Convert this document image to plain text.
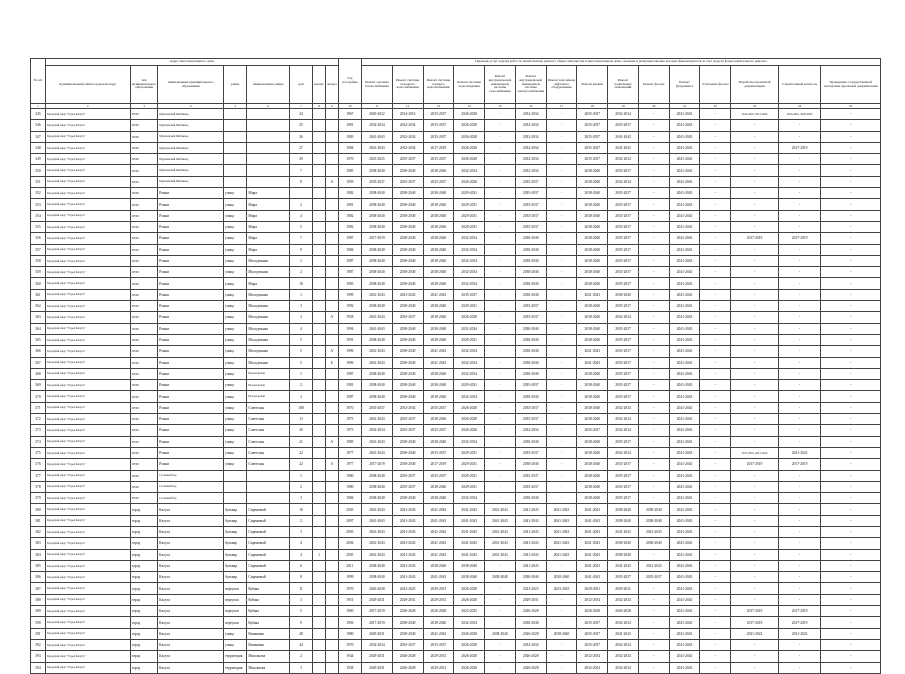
№ п/п	Адрес многоквартирного дома								Год постройки	Перечень услуг и (или) работ по капитальному ремонту общего имущества в многоквартирном доме, оказание и (или) выполнение которых финансируются за счет средств фонда капитального ремонта														
	муниципальный район/городской округ	тип муниципального образования	наименование муниципального образования	улица	наименование улицы	дом	корпус	литера		Ремонт системы теплоснабжения	Ремонт системы холодного водоснабжения	Ремонт системы горячего водоснабжения	Ремонт системы водоотведения	Ремонт внутридомовой инженерной системы газоснабжения	Ремонт внутридомовой инженерной системы электроснабжения	Ремонт или замена лифтового оборудования	Ремонт крыши	Ремонт подвальных помещений	Ремонт фасада	Ремонт фундамента	Утепление фасада	Разработка проектной документации	Строительный контроль	Проведение государственной экспертизы проектной документации
1	2	3	4	5	6	7	8	9	10	11	12	13	14	15	16	17	18	19	20	21	22	23	24	25
345	Городской округ "Город Калуга"	село	Мурачевский Шеблинод			24			1967	2020-2022	2014-2016	2035-2037	2026-2028	-	2032-2034	-	2035-2037	2032-2034	-	2041-2043	-	2014-2016, 2021-2022	2014-2016, 2020-2022	-
346	Городской округ "Город Калуга"	село	Мурачевский Шеблинод			25			1981	2032-2034	2032-2034	2035-2037	2026-2028	-	2032-2034	-	2035-2037	2035-2037	-	2041-2043	-	-	-	-
347	Городской округ "Город Калуга"	село	Мурачевский Шеблинод			26			1983	2041-2043	2032-2034	2035-2037	2026-2028	-	2032-2034	-	2035-2037	2041-2043	-	2041-2043	-	-	-	-
348	Городской округ "Город Калуга"	село	Мурачевский Шеблинод			27			1984	2041-2043	2032-2034	2017-2019	2026-2028	-	2032-2034	-	2035-2037	2041-2043	-	2041-2043	-	-	2017-2019	-
349	Городской округ "Город Калуга"	село	Мурачевский Шеблинод			29			1970	2023-2025	2035-2037	2035-2037	2026-2028	-	2032-2034	-	2035-2037	2032-2034	-	2041-2043	-	-	-	-
350	Городской округ "Город Калуга"	село	Мурачевский Шеблинод			7			1985	2038-2040	2038-2040	2038-2040	2032-2034	-	2032-2034	-	2038-2040	2035-2037	-	2041-2043	-	-	-	-
351	Городской округ "Город Калуга"	село	Мурачевский Шеблинод			8		А	1959	2035-2037	2035-2037	2035-2037	2026-2028	-	2035-2037	-	2038-2040	2032-2034	-	2041-2043	-	-	-	-
352	Городской округ "Город Калуга"	село	Рожки	улица	Мира				1982	2038-2040	2038-2040	2038-2040	2029-2031	-	2035-2037	-	2038-2040	2035-2037	-	2041-2043	-	-	-	-
353	Городской округ "Город Калуга"	село	Рожки	улица	Мира	2			1981	2038-2040	2038-2040	2038-2040	2029-2031	-	2035-2037	-	2038-2040	2035-2037	-	2041-2043	-	-	-	-
354	Городской округ "Город Калуга"	село	Рожки	улица	Мира	4			1982	2038-2040	2038-2040	2038-2040	2029-2031	-	2035-2037	-	2038-2040	2035-2037	-	2041-2043	-	-	-	-
355	Городской округ "Город Калуга"	село	Рожки	улица	Мира	5			1982	2038-2040	2038-2040	2038-2040	2029-2031	-	2035-2037	-	2038-2040	2035-2037	-	2041-2043	-	-	-	-
356	Городской округ "Город Калуга"	село	Рожки	улица	Мира	7			1987	2017-2019	2038-2040	2038-2040	2032-2034	-	2038-2040	-	2038-2040	2035-2037	-	2041-2043	-	2017-2019	2017-2019	-
357	Городской округ "Город Калуга"	село	Рожки	улица	Мира	9			1984	2038-2040	2038-2040	2038-2040	2032-2034	-	2038-2040	-	2038-2040	2035-2037	-	2041-2043	-	-	-	-
358	Городской округ "Город Калуга"	село	Рожки	улица	Молодежная	1			1987	2038-2040	2038-2040	2038-2040	2032-2034	-	2038-2040	-	2038-2040	2035-2037	-	2041-2043	-	-	-	-
359	Городской округ "Город Калуга"	село	Рожки	улица	Молодежная	2			1987	2038-2040	2038-2040	2038-2040	2032-2034	-	2038-2040	-	2038-2040	2035-2037	-	2041-2043	-	-	-	-
360	Городской округ "Город Калуга"	село	Рожки	улица	Мира	10			1983	2038-2040	2038-2040	2038-2040	2032-2034	-	2038-2040	-	2038-2040	2035-2037	-	2041-2043	-	-	-	-
361	Городской округ "Город Калуга"	село	Рожки	улица	Молодежная	1			1999	2041-2043	2041-2043	2041-2043	2035-2037	-	2038-2040	-	2041-2043	2038-2040	-	2041-2043	-	-	-	-
362	Городской округ "Город Калуга"	село	Рожки	улица	Молодежная	3			1992	2038-2040	2038-2040	2038-2040	2029-2031	-	2035-2037	-	2038-2040	2035-2037	-	2041-2043	-	-	-	-
363	Городской округ "Город Калуга"	село	Рожки	улица	Молодежная	3		А	1958	2041-2043	2035-2037	2038-2040	2026-2028	-	2035-2037	-	2038-2040	2032-2034	-	2041-2043	-	-	-	-
364	Городской округ "Город Калуга"	село	Рожки	улица	Молодежная	4			1994	2041-2043	2038-2040	2038-2040	2032-2034	-	2038-2040	-	2038-2040	2035-2037	-	2041-2043	-	-	-	-
365	Городской округ "Город Калуга"	село	Рожки	улица	Молодежная	5			1991	2038-2040	2038-2040	2038-2040	2029-2031	-	2038-2040	-	2038-2040	2035-2037	-	2041-2043	-	-	-	-
366	Городской округ "Город Калуга"	село	Рожки	улица	Молодежная	5		А	1996	2041-2043	2038-2040	2041-2043	2032-2034	-	2038-2040	-	2041-2043	2035-2037	-	2041-2043	-	-	-	-
367	Городской округ "Город Калуга"	село	Рожки	улица	Молодежная	5		Б	1996	2041-2043	2038-2040	2041-2043	2032-2034	-	2038-2040	-	2041-2043	2035-2037	-	2041-2043	-	-	-	-
368	Городской округ "Город Калуга"	село	Рожки	улица	Пролетарская	1			1987	2038-2040	2038-2040	2038-2040	2032-2034	-	2038-2040	-	2038-2040	2035-2037	-	2041-2043	-	-	-	-
369	Городской округ "Город Калуга"	село	Рожки	улица	Пролетарская	2			1981	2038-2040	2038-2040	2038-2040	2029-2031	-	2035-2037	-	2038-2040	2035-2037	-	2041-2043	-	-	-	-
370	Городской округ "Город Калуга"	село	Рожки	улица	Пролетарская	3			1987	2038-2040	2038-2040	2038-2040	2032-2034	-	2038-2040	-	2038-2040	2035-2037	-	2041-2043	-	-	-	-
371	Городской округ "Город Калуга"	село	Рожки	улица	Советская	108			1970	2035-2037	2032-2034	2035-2037	2026-2028	-	2035-2037	-	2038-2040	2032-2034	-	2041-2043	-	-	-	-
372	Городской округ "Город Калуга"	село	Рожки	улица	Советская	13			1973	2041-2043	2035-2037	2038-2040	2026-2028	-	2035-2037	-	2038-2040	2032-2034	-	2041-2043	-	-	-	-
373	Городской округ "Город Калуга"	село	Рожки	улица	Советская	20			1973	2032-2034	2035-2037	2035-2037	2026-2028	-	2032-2034	-	2035-2037	2032-2034	-	2041-2043	-	-	-	-
374	Городской округ "Город Калуга"	село	Рожки	улица	Советская	21		А	1985	2041-2043	2038-2040	2038-2040	2032-2034	-	2038-2040	-	2038-2040	2035-2037	-	2041-2043	-	-	-	-
375	Городской округ "Город Калуга"	село	Рожки	улица	Советская	22			1977	2041-2043	2038-2040	2035-2037	2029-2031	-	2035-2037	-	2038-2040	2032-2034	-	2041-2043	-	2017-2019, 2021-2022	2021-2022	-
376	Городской округ "Город Калуга"	село	Рожки	улица	Советская	22		А	1977	2017-2019	2038-2040	2017-2019	2029-2031	-	2038-2040	-	2038-2040	2035-2037	-	2041-2043	-	2017-2019	2017-2019	-
377	Городской округ "Город Калуга"	село	Сосновый бор			1			1980	2038-2040	2035-2037	2035-2037	2029-2031	-	2035-2037	-	2038-2040	2035-2037	-	2041-2043	-	-	-	-
378	Городской округ "Город Калуга"	село	Сосновый бор			2			1980	2038-2040	2035-2037	2038-2040	2029-2031	-	2035-2037	-	2038-2040	2035-2037	-	2041-2043	-	-	-	-
379	Городской округ "Город Калуга"	село	Сосновый бор			3			1984	2038-2040	2038-2040	2038-2040	2032-2034	-	2038-2040	-	2038-2040	2035-2037	-	2041-2043	-	-	-	-
380	Городской округ "Город Калуга"	город	Калуга	бульвар	Сиреневый	10			2003	2041-2043	2041-2043	2041-2043	2041-2043	2041-2043	2041-2043	2041-2043	2041-2043	2038-2040	2038-2040	2041-2043	-	-	-	-
381	Городской округ "Город Калуга"	город	Калуга	бульвар	Сиреневый	2			2007	2041-2043	2041-2043	2041-2043	2041-2043	2041-2043	2041-2043	2041-2043	2041-2043	2038-2040	2038-2040	2041-2043	-	-	-	-
382	Городской округ "Город Калуга"	город	Калуга	бульвар	Сиреневый	3			2003	2041-2043	2041-2043	2041-2043	2041-2043	2041-2043	2041-2043	2041-2043	2041-2043	2041-2043	2041-2043	2041-2043	-	-	-	-
383	Городской округ "Город Калуга"	город	Калуга	бульвар	Сиреневый	4			2004	2041-2043	2041-2043	2041-2043	2041-2043	2041-2043	2041-2043	2041-2043	2041-2043	2038-2040	2038-2040	2041-2043	-	-	-	-
384	Городской округ "Город Калуга"	город	Калуга	бульвар	Сиреневый	4	1		2005	2041-2043	2041-2043	2041-2043	2041-2043	2041-2043	2041-2043	2041-2043	2041-2043	2038-2040	-	2041-2043	-	-	-	-
385	Городской округ "Город Калуга"	город	Калуга	бульвар	Сиреневый	6			2011	2038-2040	2041-2043	2038-2040	2038-2040	-	2041-2043	-	2041-2043	2041-2043	2041-2043	2041-2043	-	-	-	-
386	Городской округ "Город Калуга"	город	Калуга	бульвар	Сиреневый	8			1999	2038-2040	2041-2043	2041-2043	2038-2040	2038-2040	2038-2040	2038-2040	2041-2043	2035-2037	2035-2037	2041-2043	-	-	-	-
387	Городской округ "Город Калуга"	город	Калуга	переулок	Кубяка	11			1970	2026-2028	2023-2025	2029-2031	2026-2028	-	2023-2025	2023-2025	2029-2031	2029-2031	-	2041-2043	-	-	-	-
388	Городской округ "Город Калуга"	город	Калуга	переулок	Кубяка	3			1951	2029-2031	2029-2031	2029-2031	2026-2028	-	2029-2031	-	2032-2034	2032-2034	-	2041-2043	-	-	-	-
389	Городской округ "Город Калуга"	город	Калуга	переулок	Кубяка	5			1960	2017-2019	2026-2028	2026-2028	2023-2025	-	2026-2028	-	2026-2028	2026-2028	-	2041-2043	-	2017-2019	2017-2019	-
390	Городской округ "Город Калуга"	город	Калуга	переулок	Кубяка	9			1956	2017-2019	2038-2040	2038-2040	2032-2034	-	2038-2040	-	2035-2037	2032-2034	-	2041-2043	-	2017-2019	2017-2019	-
391	Городской округ "Город Калуга"	город	Калуга	улица	Вишневая	48			1980	2029-2031	2038-2040	2041-2043	2026-2028	2038-2040	2026-2028	2038-2040	2035-2037	2041-2043	-	2041-2043	-	2021-2022	2021-2022	-
392	Городской округ "Город Калуга"	город	Калуга	улица	Вишневая	44			1970	2032-2034	2035-2037	2035-2037	2026-2028	-	2032-2034	-	2035-2037	2032-2034	-	2041-2043	-	-	-	-
393	Городской округ "Город Калуга"	город	Калуга	территория	Моксанова	2			1944	2029-2031	2026-2028	2029-2031	2026-2028	-	2026-2028	-	2032-2034	2032-2034	-	2041-2043	-	-	-	-
394	Городской округ "Город Калуга"	город	Калуга	территория	Моксанова	3			1938	2029-2031	2026-2028	2029-2031	2026-2028	-	2026-2028	-	2032-2034	2032-2034	-	2041-2043	-	-	-	-
